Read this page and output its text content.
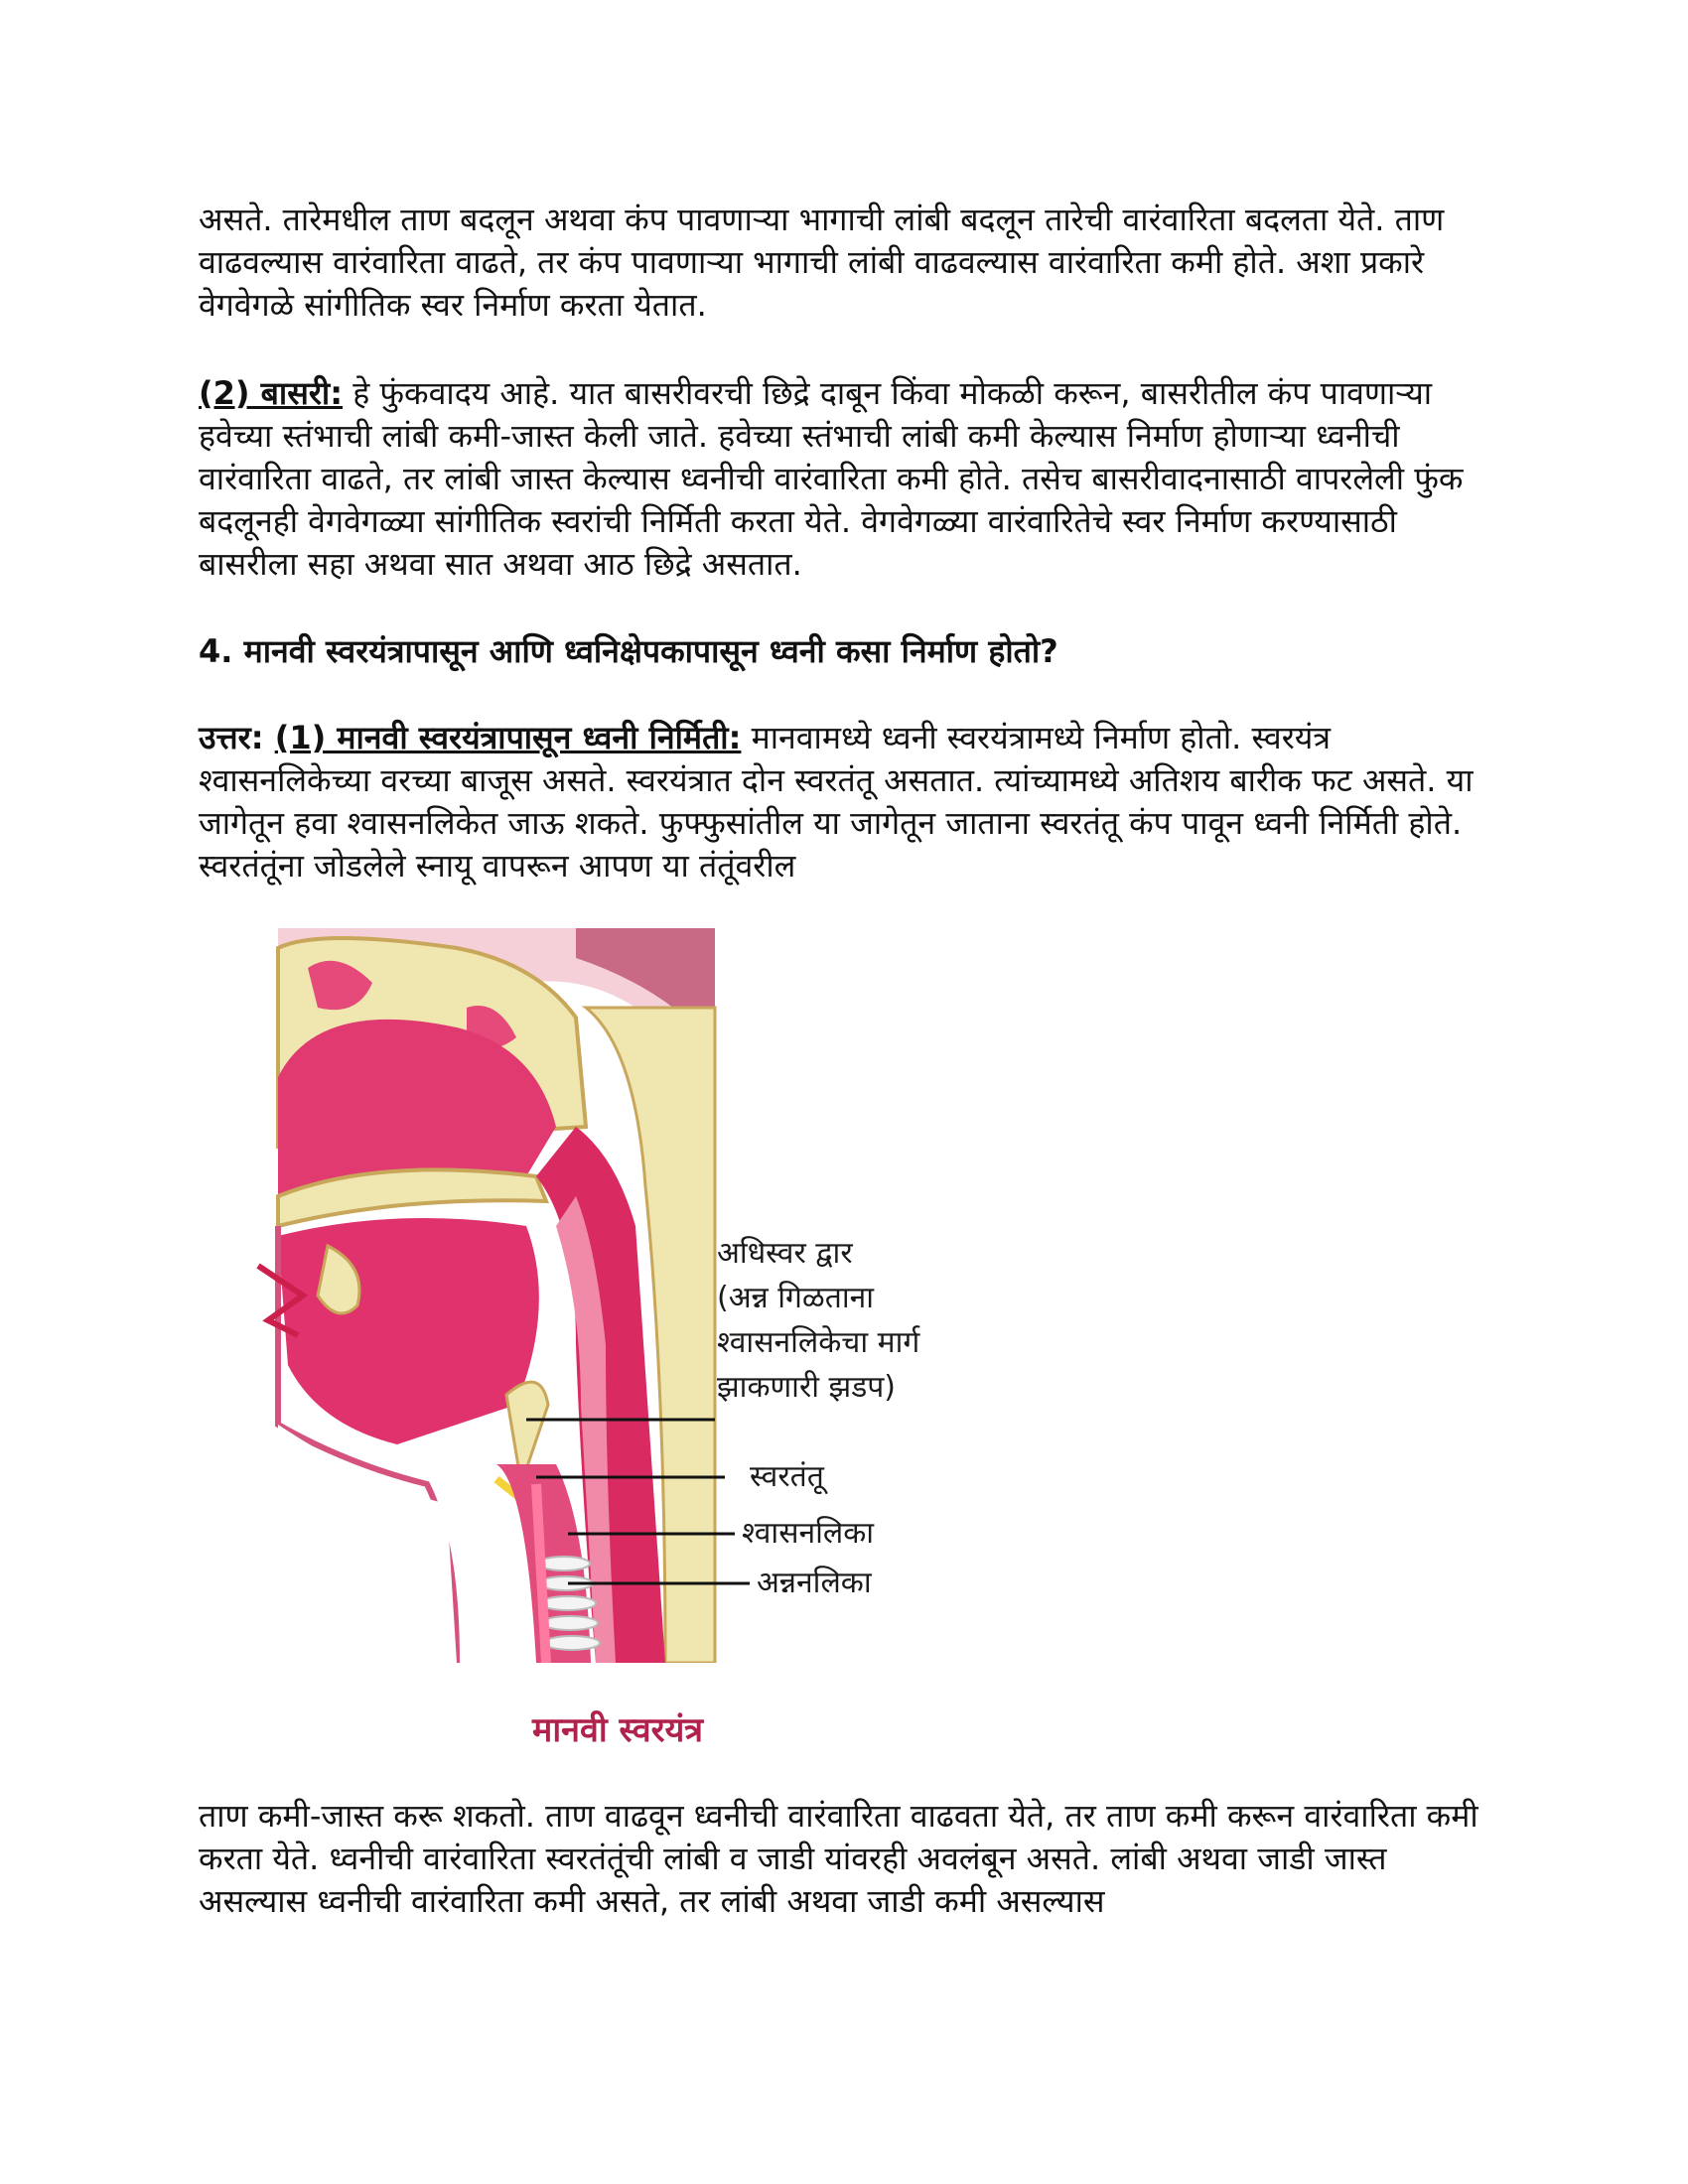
असते. तारेमधील ताण बदलून अथवा कंप पावणाऱ्या भागाची लांबी बदलून तारेची वारंवारिता बदलता येते. ताण वाढवल्यास वारंवारिता वाढते, तर कंप पावणाऱ्या भागाची लांबी वाढवल्यास वारंवारिता कमी होते. अशा प्रकारे वेगवेगळे सांगीतिक स्वर निर्माण करता येतात.

(2) बासरी: हे फुंकवादय आहे. यात बासरीवरची छिद्रे दाबून किंवा मोकळी करून, बासरीतील कंप पावणाऱ्या हवेच्या स्तंभाची लांबी कमी-जास्त केली जाते. हवेच्या स्तंभाची लांबी कमी केल्यास निर्माण होणाऱ्या ध्वनीची वारंवारिता वाढते, तर लांबी जास्त केल्यास ध्वनीची वारंवारिता कमी होते. तसेच बासरीवादनासाठी वापरलेली फुंक बदलूनही वेगवेगळ्या सांगीतिक स्वरांची निर्मिती करता येते. वेगवेगळ्या वारंवारितेचे स्वर निर्माण करण्यासाठी बासरीला सहा अथवा सात अथवा आठ छिद्रे असतात.

4. मानवी स्वरयंत्रापासून आणि ध्वनिक्षेपकापासून ध्वनी कसा निर्माण होतो?

उत्तर: (1) मानवी स्वरयंत्रापासून ध्वनी निर्मिती: मानवामध्ये ध्वनी स्वरयंत्रामध्ये निर्माण होतो. स्वरयंत्र श्वासनलिकेच्या वरच्या बाजूस असते. स्वरयंत्रात दोन स्वरतंतू असतात. त्यांच्यामध्ये अतिशय बारीक फट असते. या जागेतून हवा श्वासनलिकेत जाऊ शकते. फुफ्फुसांतील या जागेतून जाताना स्वरतंतू कंप पावून ध्वनी निर्मिती होते. स्वरतंतूंना जोडलेले स्नायू वापरून आपण या तंतूंवरील

अधिस्वर द्वार
(अन्न गिळताना
श्वासनलिकेचा मार्ग
झाकणारी झडप)
स्वरतंतू
श्वासनलिका
अन्ननलिका
मानवी स्वरयंत्र

ताण कमी-जास्त करू शकतो. ताण वाढवून ध्वनीची वारंवारिता वाढवता येते, तर ताण कमी करून वारंवारिता कमी करता येते. ध्वनीची वारंवारिता स्वरतंतूंची लांबी व जाडी यांवरही अवलंबून असते. लांबी अथवा जाडी जास्त असल्यास ध्वनीची वारंवारिता कमी असते, तर लांबी अथवा जाडी कमी असल्यास
